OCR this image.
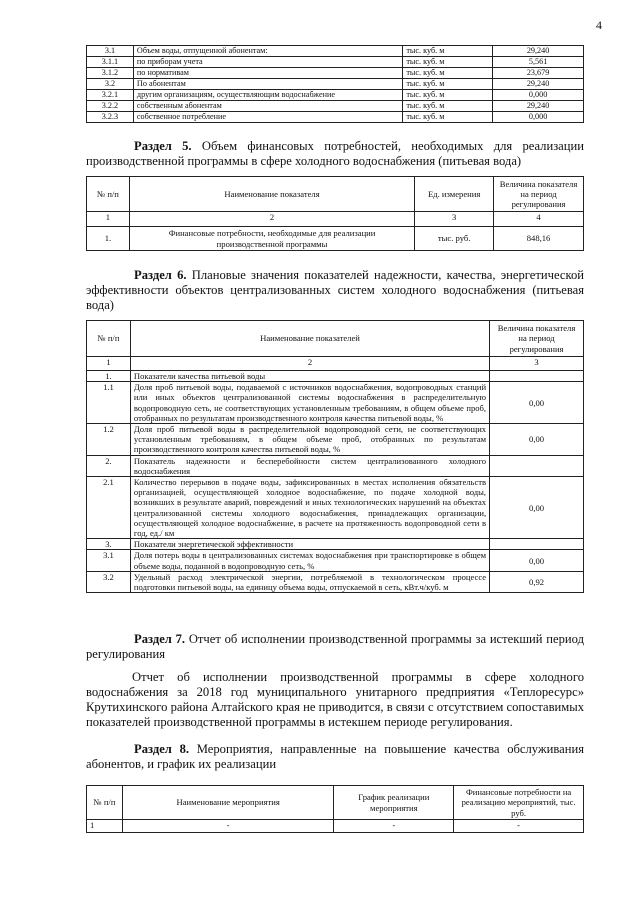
4
3.1	Объем воды, отпущенной абонентам:	тыс. куб. м	29,240
3.1.1	по приборам учета	тыс. куб. м	5,561
3.1.2	по нормативам	тыс. куб. м	23,679
3.2	По абонентам	тыс. куб. м	29,240
3.2.1	другим организациям, осуществляющим водоснабжение	тыс. куб. м	0,000
3.2.2	собственным абонентам	тыс. куб. м	29,240
3.2.3	собственное потребление	тыс. куб. м	0,000
Раздел 5. Объем финансовых потребностей, необходимых для реализации производственной программы в сфере холодного водоснабжения (питьевая вода)
№ п/п	Наименование показателя	Ед. измерения	Величина показателя на период регулирования
1	2	3	4
1.	Финансовые потребности, необходимые для реализации производственной программы	тыс. руб.	848,16
Раздел 6. Плановые значения показателей надежности, качества, энергетической эффективности объектов централизованных систем холодного водоснабжения (питьевая вода)
№ п/п	Наименование показателей	Величина показателя на период регулирования
1	2	3
1.	Показатели качества питьевой воды	
1.1	Доля проб питьевой воды, подаваемой с источников водоснабжения, водопроводных станций или иных объектов централизованной системы водоснабжения в распределительную водопроводную сеть, не соответствующих установленным требованиям, в общем объеме проб, отобранных по результатам производственного контроля качества питьевой воды, %	0,00
1.2	Доля проб питьевой воды в распределительной водопроводной сети, не соответствующих установленным требованиям, в общем объеме проб, отобранных по результатам производственного контроля качества питьевой воды, %	0,00
2.	Показатель надежности и бесперебойности систем централизованного холодного водоснабжения	
2.1	Количество перерывов в подаче воды, зафиксированных в местах исполнения обязательств организацией, осуществляющей холодное водоснабжение, по подаче холодной воды, возникших в результате аварий, повреждений и иных технологических нарушений на объектах централизованной системы холодного водоснабжения, принадлежащих организации, осуществляющей холодное водоснабжение, в расчете на протяженность водопроводной сети в год, ед./ км	0,00
3.	Показатели энергетической эффективности	
3.1	Доля потерь воды в централизованных системах водоснабжения при транспортировке в общем объеме воды, поданной в водопроводную сеть, %	0,00
3.2	Удельный расход электрической энергии, потребляемой в технологическом процессе подготовки питьевой воды, на единицу объема воды, отпускаемой в сеть, кВт.ч/куб. м	0,92
Раздел 7. Отчет об исполнении производственной программы за истекший период регулирования
Отчет об исполнении производственной программы в сфере холодного водоснабжения за 2018 год муниципального унитарного предприятия «Теплоресурс» Крутихинского района Алтайского края не приводится, в связи с отсутствием сопоставимых показателей производственной программы в истекшем периоде регулирования.
Раздел 8. Мероприятия, направленные на повышение качества обслуживания абонентов, и график их реализации
№ п/п	Наименование мероприятия	График реализации мероприятия	Финансовые потребности на реализацию мероприятий, тыс. руб.
1	-	-	-
